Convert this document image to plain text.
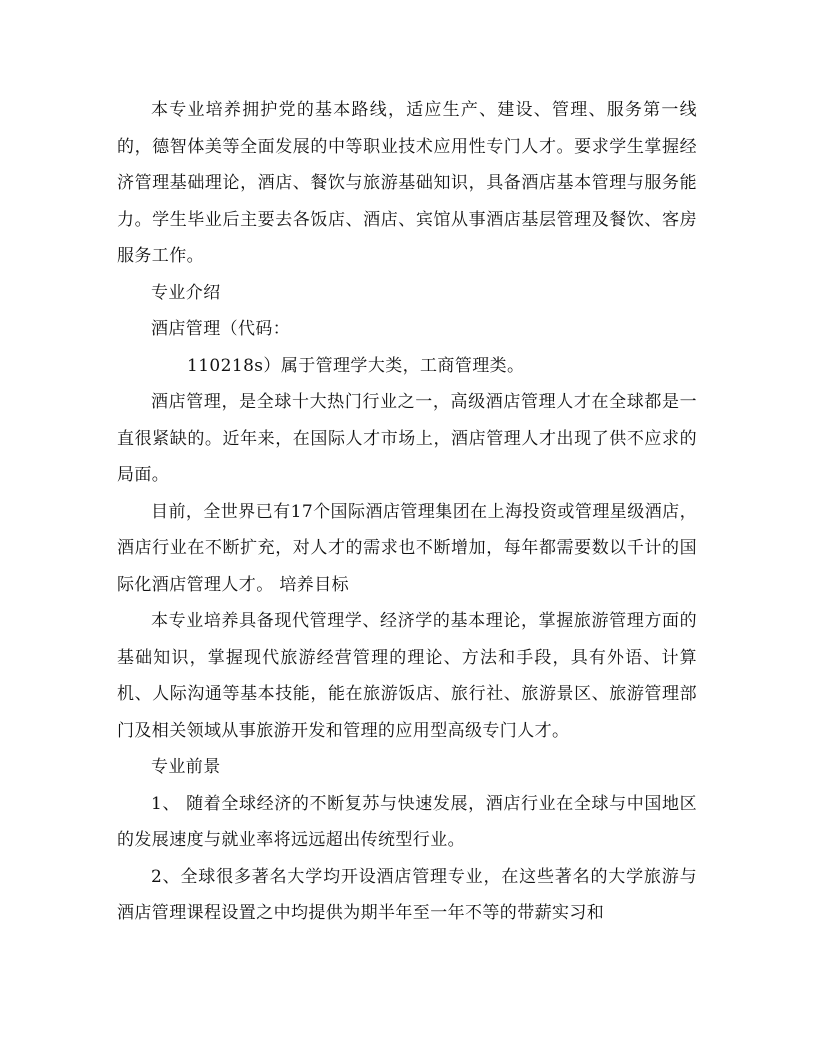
本专业培养拥护党的基本路线，适应生产、建设、管理、服务第一线的，德智体美等全面发展的中等职业技术应用性专门人才。要求学生掌握经济管理基础理论，酒店、餐饮与旅游基础知识，具备酒店基本管理与服务能力。学生毕业后主要去各饭店、酒店、宾馆从事酒店基层管理及餐饮、客房服务工作。

专业介绍

酒店管理（代码：

110218s）属于管理学大类，工商管理类。

酒店管理，是全球十大热门行业之一，高级酒店管理人才在全球都是一直很紧缺的。近年来，在国际人才市场上，酒店管理人才出现了供不应求的局面。

目前，全世界已有17个国际酒店管理集团在上海投资或管理星级酒店，酒店行业在不断扩充，对人才的需求也不断增加，每年都需要数以千计的国际化酒店管理人才。 培养目标

本专业培养具备现代管理学、经济学的基本理论，掌握旅游管理方面的基础知识，掌握现代旅游经营管理的理论、方法和手段，具有外语、计算机、人际沟通等基本技能，能在旅游饭店、旅行社、旅游景区、旅游管理部门及相关领域从事旅游开发和管理的应用型高级专门人才。

专业前景

1、 随着全球经济的不断复苏与快速发展，酒店行业在全球与中国地区的发展速度与就业率将远远超出传统型行业。

2、全球很多著名大学均开设酒店管理专业，在这些著名的大学旅游与酒店管理课程设置之中均提供为期半年至一年不等的带薪实习和
